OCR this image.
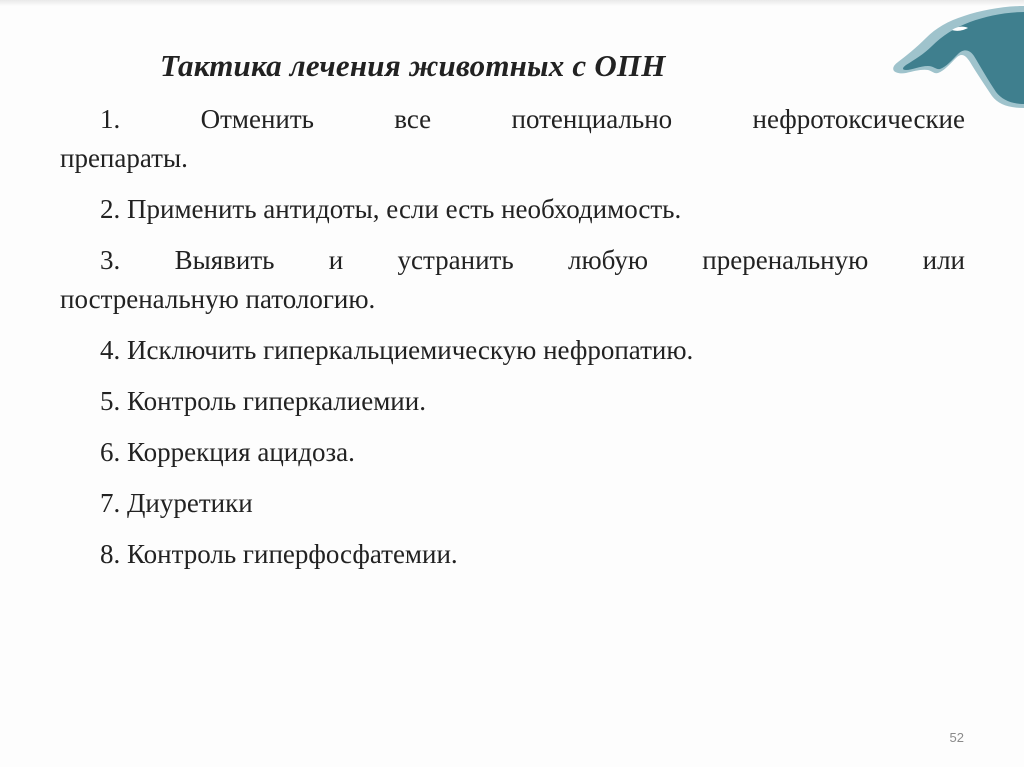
Тактика лечения животных с ОПН
1. Отменить все потенциально нефротоксические
препараты.
2. Применить антидоты, если есть необходимость.
3. Выявить и устранить любую преренальную или
постренальную патологию.
4. Исключить гиперкальциемическую нефропатию.
5. Контроль гиперкалиемии.
6. Коррекция ацидоза.
7. Диуретики
8. Контроль гиперфосфатемии.
52
